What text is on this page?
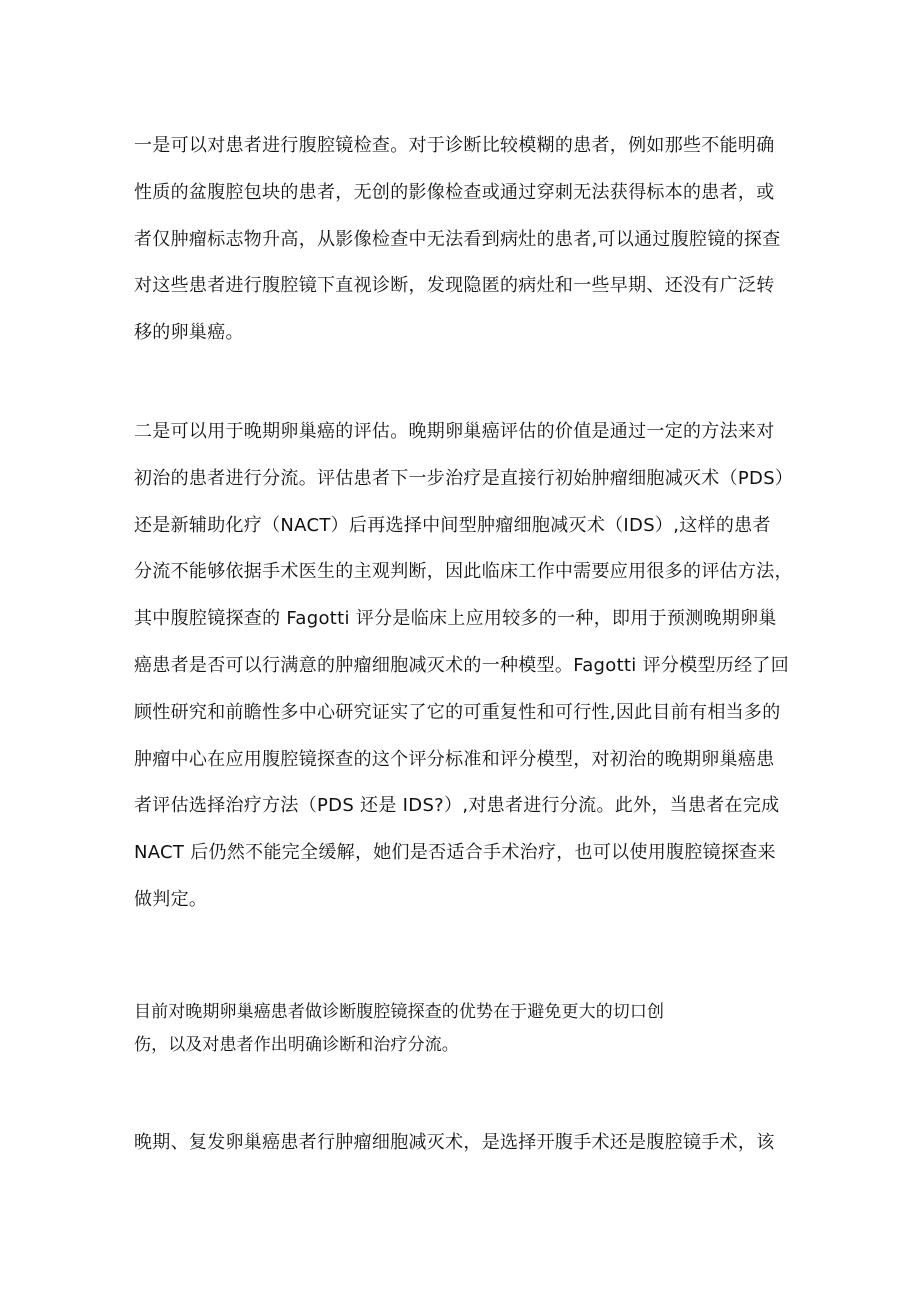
一是可以对患者进行腹腔镜检查。对于诊断比较模糊的患者，例如那些不能明确
性质的盆腹腔包块的患者，无创的影像检查或通过穿刺无法获得标本的患者，或
者仅肿瘤标志物升高，从影像检查中无法看到病灶的患者,可以通过腹腔镜的探查
对这些患者进行腹腔镜下直视诊断，发现隐匿的病灶和一些早期、还没有广泛转
移的卵巢癌。
二是可以用于晚期卵巢癌的评估。晚期卵巢癌评估的价值是通过一定的方法来对
初治的患者进行分流。评估患者下一步治疗是直接行初始肿瘤细胞减灭术（PDS）
还是新辅助化疗（NACT）后再选择中间型肿瘤细胞减灭术（IDS）,这样的患者
分流不能够依据手术医生的主观判断，因此临床工作中需要应用很多的评估方法，
其中腹腔镜探查的 Fagotti 评分是临床上应用较多的一种，即用于预测晚期卵巢
癌患者是否可以行满意的肿瘤细胞减灭术的一种模型。Fagotti 评分模型历经了回
顾性研究和前瞻性多中心研究证实了它的可重复性和可行性,因此目前有相当多的
肿瘤中心在应用腹腔镜探查的这个评分标准和评分模型，对初治的晚期卵巢癌患
者评估选择治疗方法（PDS 还是 IDS?）,对患者进行分流。此外，当患者在完成
NACT 后仍然不能完全缓解，她们是否适合手术治疗，也可以使用腹腔镜探查来
做判定。
目前对晚期卵巢癌患者做诊断腹腔镜探查的优势在于避免更大的切口创
伤，以及对患者作出明确诊断和治疗分流。
晚期、复发卵巢癌患者行肿瘤细胞减灭术，是选择开腹手术还是腹腔镜手术，该
